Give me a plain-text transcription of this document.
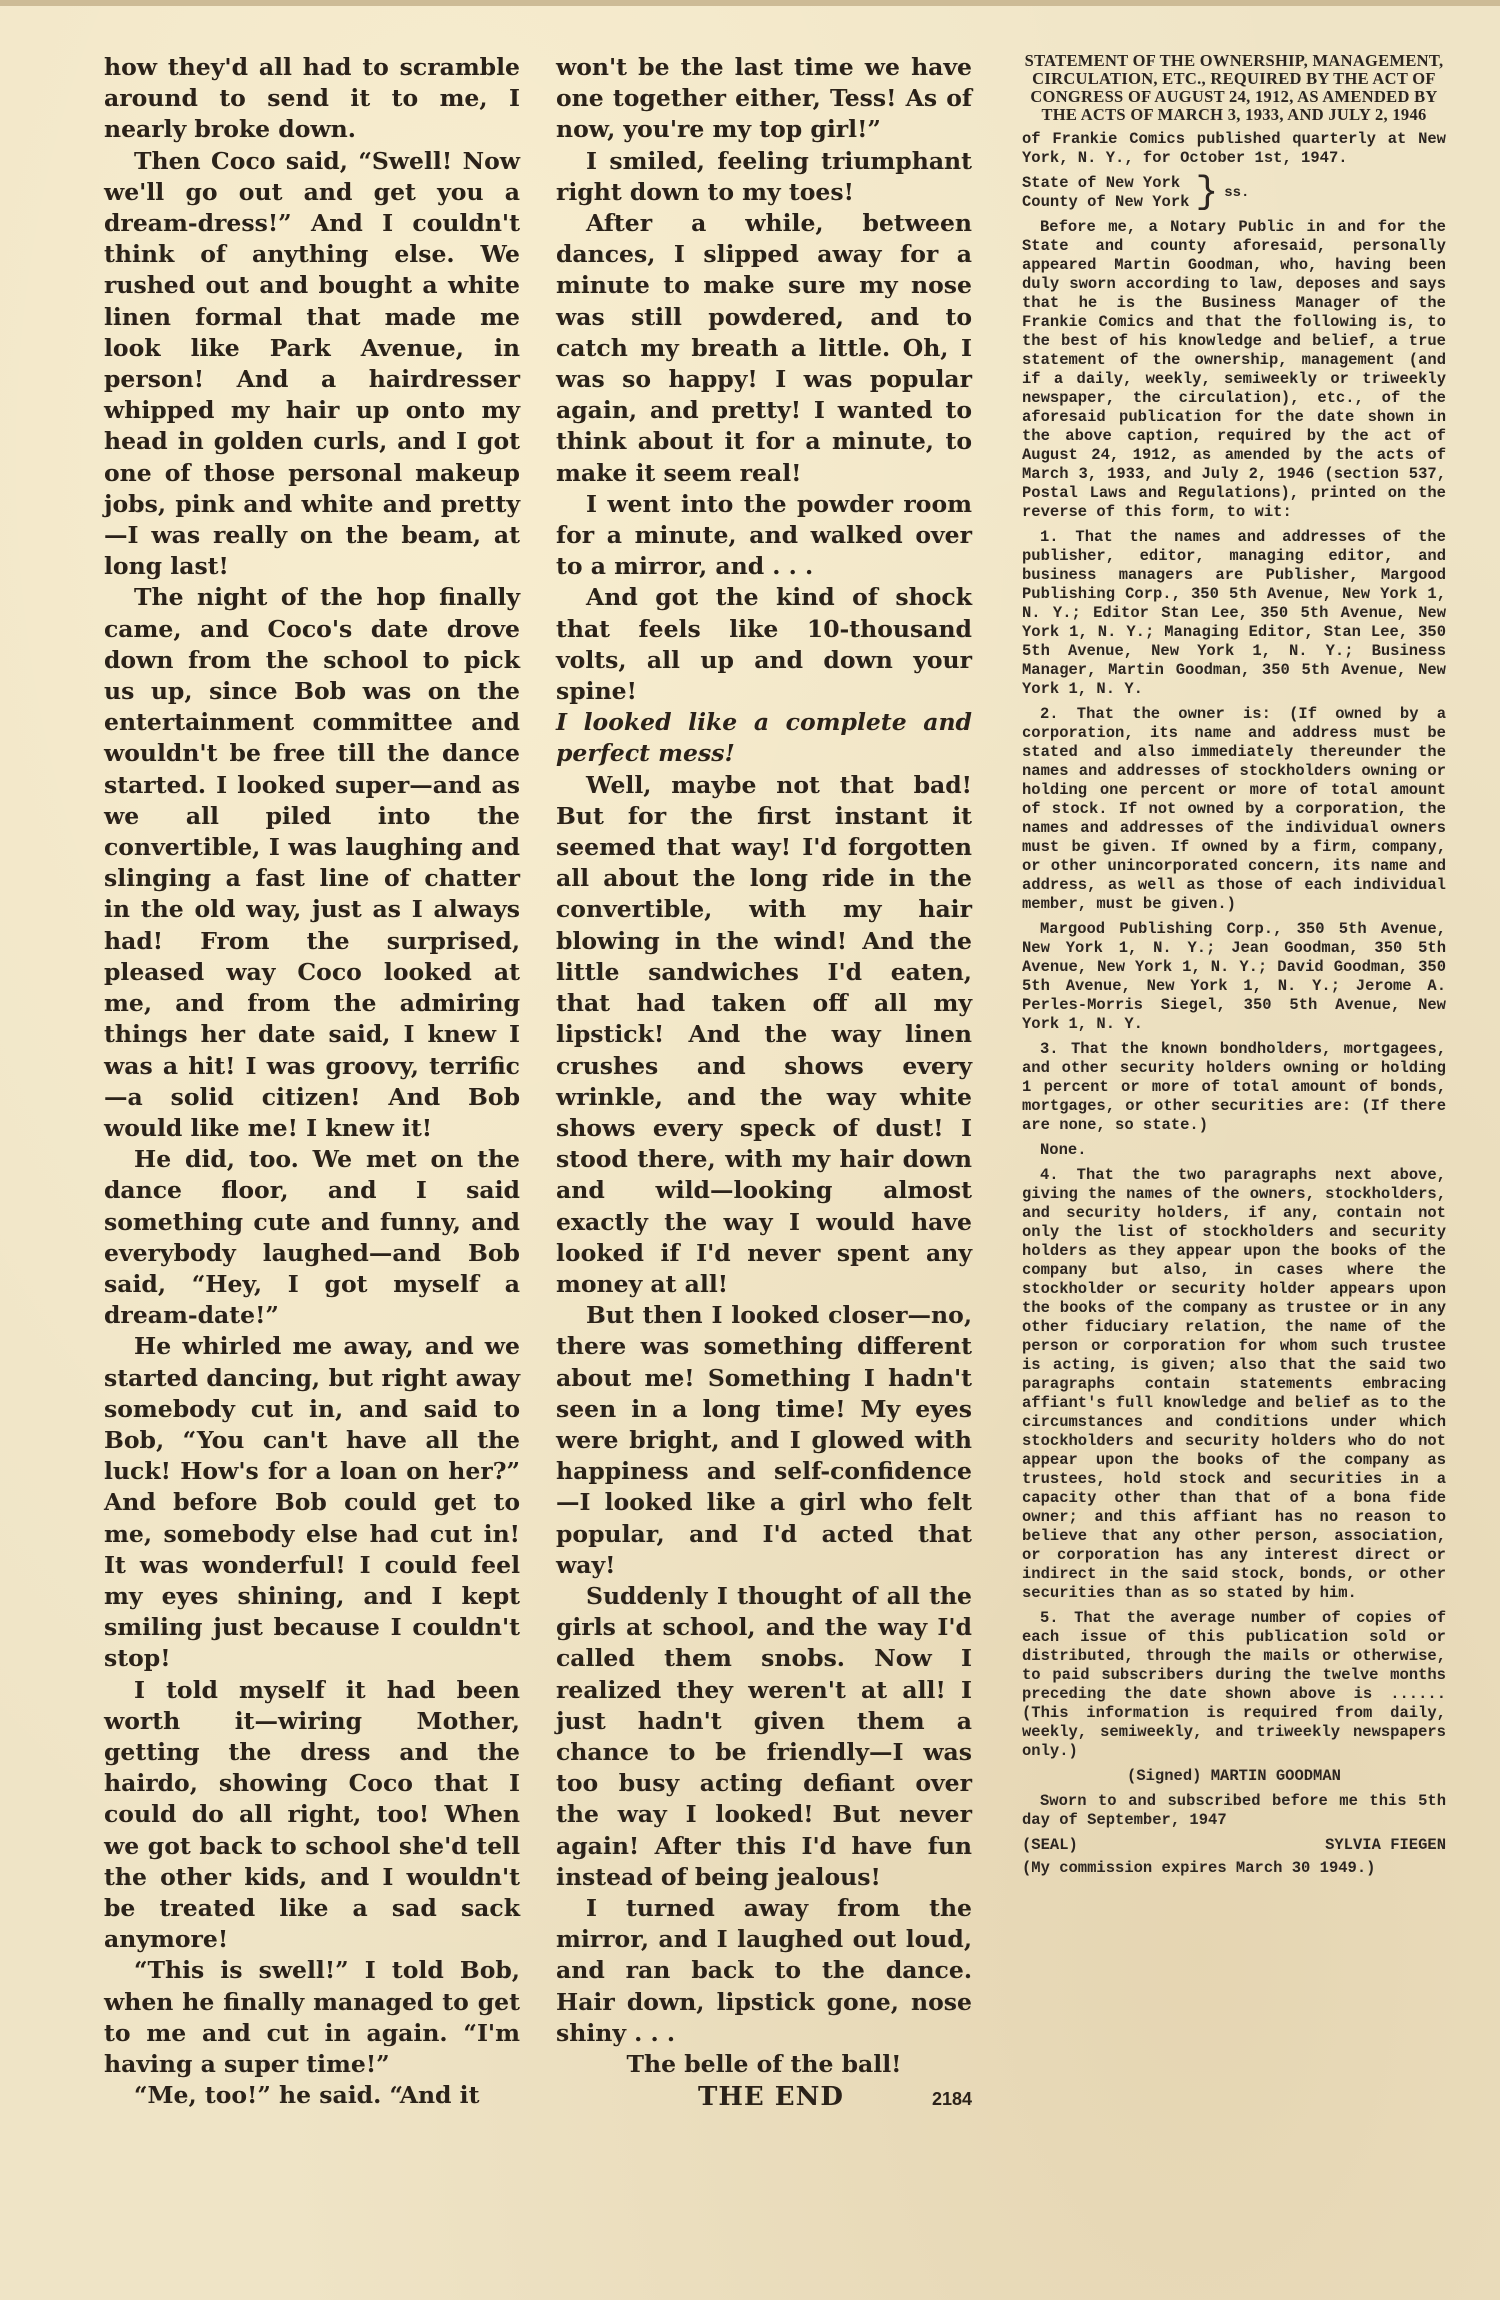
how they'd all had to scramble around to send it to me, I nearly broke down.

Then Coco said, “Swell! Now we'll go out and get you a dream-dress!” And I couldn't think of anything else. We rushed out and bought a white linen formal that made me look like Park Avenue, in person! And a hairdresser whipped my hair up onto my head in golden curls, and I got one of those personal makeup jobs, pink and white and pretty—I was really on the beam, at long last!

The night of the hop finally came, and Coco's date drove down from the school to pick us up, since Bob was on the entertainment committee and wouldn't be free till the dance started. I looked super—and as we all piled into the convertible, I was laughing and slinging a fast line of chatter in the old way, just as I always had! From the surprised, pleased way Coco looked at me, and from the admiring things her date said, I knew I was a hit! I was groovy, terrific—a solid citizen! And Bob would like me! I knew it!

He did, too. We met on the dance floor, and I said something cute and funny, and everybody laughed—and Bob said, “Hey, I got myself a dream-date!”

He whirled me away, and we started dancing, but right away somebody cut in, and said to Bob, “You can't have all the luck! How's for a loan on her?” And before Bob could get to me, somebody else had cut in! It was wonderful! I could feel my eyes shining, and I kept smiling just because I couldn't stop!

I told myself it had been worth it—wiring Mother, getting the dress and the hairdo, showing Coco that I could do all right, too! When we got back to school she'd tell the other kids, and I wouldn't be treated like a sad sack anymore!

“This is swell!” I told Bob, when he finally managed to get to me and cut in again. “I'm having a super time!”

“Me, too!” he said. “And it

won't be the last time we have one together either, Tess! As of now, you're my top girl!”

I smiled, feeling triumphant right down to my toes!

After a while, between dances, I slipped away for a minute to make sure my nose was still powdered, and to catch my breath a little. Oh, I was so happy! I was popular again, and pretty! I wanted to think about it for a minute, to make it seem real!

I went into the powder room for a minute, and walked over to a mirror, and . . .

And got the kind of shock that feels like 10-thousand volts, all up and down your spine!

I looked like a complete and perfect mess!

Well, maybe not that bad! But for the first instant it seemed that way! I'd forgotten all about the long ride in the convertible, with my hair blowing in the wind! And the little sandwiches I'd eaten, that had taken off all my lipstick! And the way linen crushes and shows every wrinkle, and the way white shows every speck of dust! I stood there, with my hair down and wild—looking almost exactly the way I would have looked if I'd never spent any money at all!

But then I looked closer—no, there was something different about me! Something I hadn't seen in a long time! My eyes were bright, and I glowed with happiness and self-confidence—I looked like a girl who felt popular, and I'd acted that way!

Suddenly I thought of all the girls at school, and the way I'd called them snobs. Now I realized they weren't at all! I just hadn't given them a chance to be friendly—I was too busy acting defiant over the way I looked! But never again! After this I'd have fun instead of being jealous!

I turned away from the mirror, and I laughed out loud, and ran back to the dance. Hair down, lipstick gone, nose shiny . . .

The belle of the ball!

THE END	2184
STATEMENT OF THE OWNERSHIP, MANAGEMENT, CIRCULATION, ETC., REQUIRED BY THE ACT OF CONGRESS OF AUGUST 24, 1912, AS AMENDED BY THE ACTS OF MARCH 3, 1933, AND JULY 2, 1946

of Frankie Comics published quarterly at New York, N. Y., for October 1st, 1947.

State of New York
County of New York } ss.

Before me, a Notary Public in and for the State and county aforesaid, personally appeared Martin Goodman, who, having been duly sworn according to law, deposes and says that he is the Business Manager of the Frankie Comics and that the following is, to the best of his knowledge and belief, a true statement of the ownership, management (and if a daily, weekly, semiweekly or triweekly newspaper, the circulation), etc., of the aforesaid publication for the date shown in the above caption, required by the act of August 24, 1912, as amended by the acts of March 3, 1933, and July 2, 1946 (section 537, Postal Laws and Regulations), printed on the reverse of this form, to wit:

1. That the names and addresses of the publisher, editor, managing editor, and business managers are Publisher, Margood Publishing Corp., 350 5th Avenue, New York 1, N. Y.; Editor Stan Lee, 350 5th Avenue, New York 1, N. Y.; Managing Editor, Stan Lee, 350 5th Avenue, New York 1, N. Y.; Business Manager, Martin Goodman, 350 5th Avenue, New York 1, N. Y.

2. That the owner is: (If owned by a corporation, its name and address must be stated and also immediately thereunder the names and addresses of stockholders owning or holding one percent or more of total amount of stock. If not owned by a corporation, the names and addresses of the individual owners must be given. If owned by a firm, company, or other unincorporated concern, its name and address, as well as those of each individual member, must be given.)

Margood Publishing Corp., 350 5th Avenue, New York 1, N. Y.; Jean Goodman, 350 5th Avenue, New York 1, N. Y.; David Goodman, 350 5th Avenue, New York 1, N. Y.; Jerome A. Perles-Morris Siegel, 350 5th Avenue, New York 1, N. Y.

3. That the known bondholders, mortgagees, and other security holders owning or holding 1 percent or more of total amount of bonds, mortgages, or other securities are: (If there are none, so state.)

None.

4. That the two paragraphs next above, giving the names of the owners, stockholders, and security holders, if any, contain not only the list of stockholders and security holders as they appear upon the books of the company but also, in cases where the stockholder or security holder appears upon the books of the company as trustee or in any other fiduciary relation, the name of the person or corporation for whom such trustee is acting, is given; also that the said two paragraphs contain statements embracing affiant's full knowledge and belief as to the circumstances and conditions under which stockholders and security holders who do not appear upon the books of the company as trustees, hold stock and securities in a capacity other than that of a bona fide owner; and this affiant has no reason to believe that any other person, association, or corporation has any interest direct or indirect in the said stock, bonds, or other securities than as so stated by him.

5. That the average number of copies of each issue of this publication sold or distributed, through the mails or otherwise, to paid subscribers during the twelve months preceding the date shown above is ...... (This information is required from daily, weekly, semiweekly, and triweekly newspapers only.)

(Signed) MARTIN GOODMAN

Sworn to and subscribed before me this 5th day of September, 1947

(SEAL)	SYLVIA FIEGEN

(My commission expires March 30 1949.)
